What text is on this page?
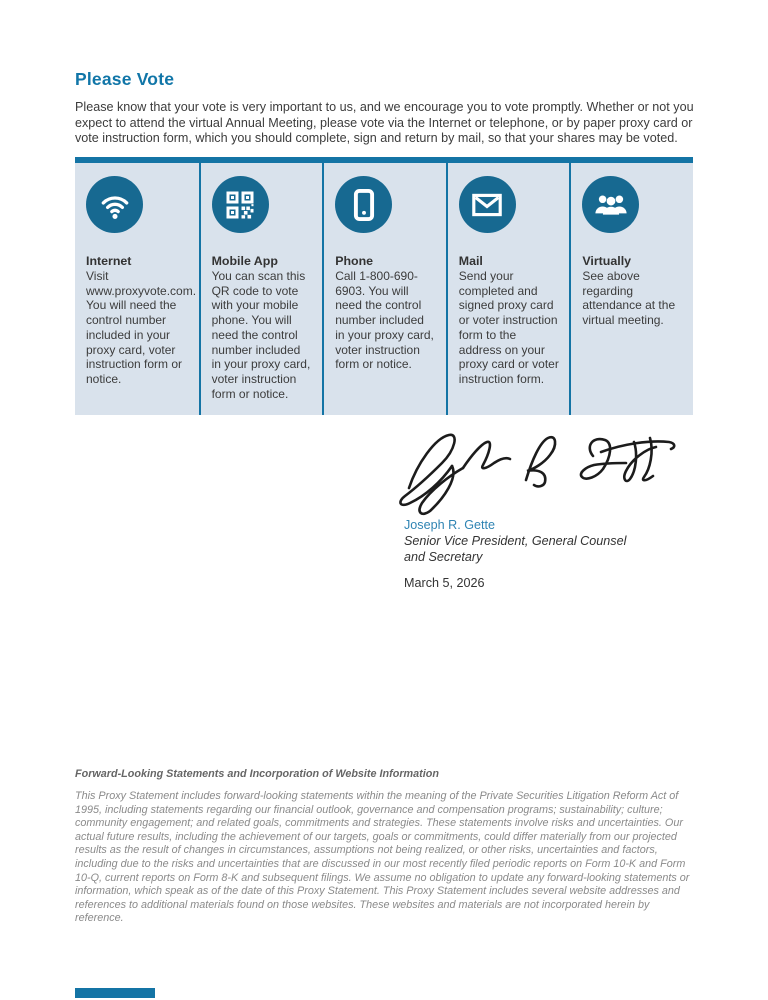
Please Vote
Please know that your vote is very important to us, and we encourage you to vote promptly. Whether or not you expect to attend the virtual Annual Meeting, please vote via the Internet or telephone, or by paper proxy card or vote instruction form, which you should complete, sign and return by mail, so that your shares may be voted.
Internet
Visit www.proxyvote.com. You will need the control number included in your proxy card, voter instruction form or notice.
Mobile App
You can scan this QR code to vote with your mobile phone. You will need the control number included in your proxy card, voter instruction form or notice.
Phone
Call 1-800-690-6903. You will need the control number included in your proxy card, voter instruction form or notice.
Mail
Send your completed and signed proxy card or voter instruction form to the address on your proxy card or voter instruction form.
Virtually
See above regarding attendance at the virtual meeting.
Joseph R. Gette
Senior Vice President, General Counsel
and Secretary
March 5, 2026
Forward-Looking Statements and Incorporation of Website Information
This Proxy Statement includes forward-looking statements within the meaning of the Private Securities Litigation Reform Act of 1995, including statements regarding our financial outlook, governance and compensation programs; sustainability; culture; community engagement; and related goals, commitments and strategies. These statements involve risks and uncertainties. Our actual future results, including the achievement of our targets, goals or commitments, could differ materially from our projected results as the result of changes in circumstances, assumptions not being realized, or other risks, uncertainties and factors, including due to the risks and uncertainties that are discussed in our most recently filed periodic reports on Form 10-K and Form 10-Q, current reports on Form 8-K and subsequent filings. We assume no obligation to update any forward-looking statements or information, which speak as of the date of this Proxy Statement. This Proxy Statement includes several website addresses and references to additional materials found on those websites. These websites and materials are not incorporated herein by reference.
